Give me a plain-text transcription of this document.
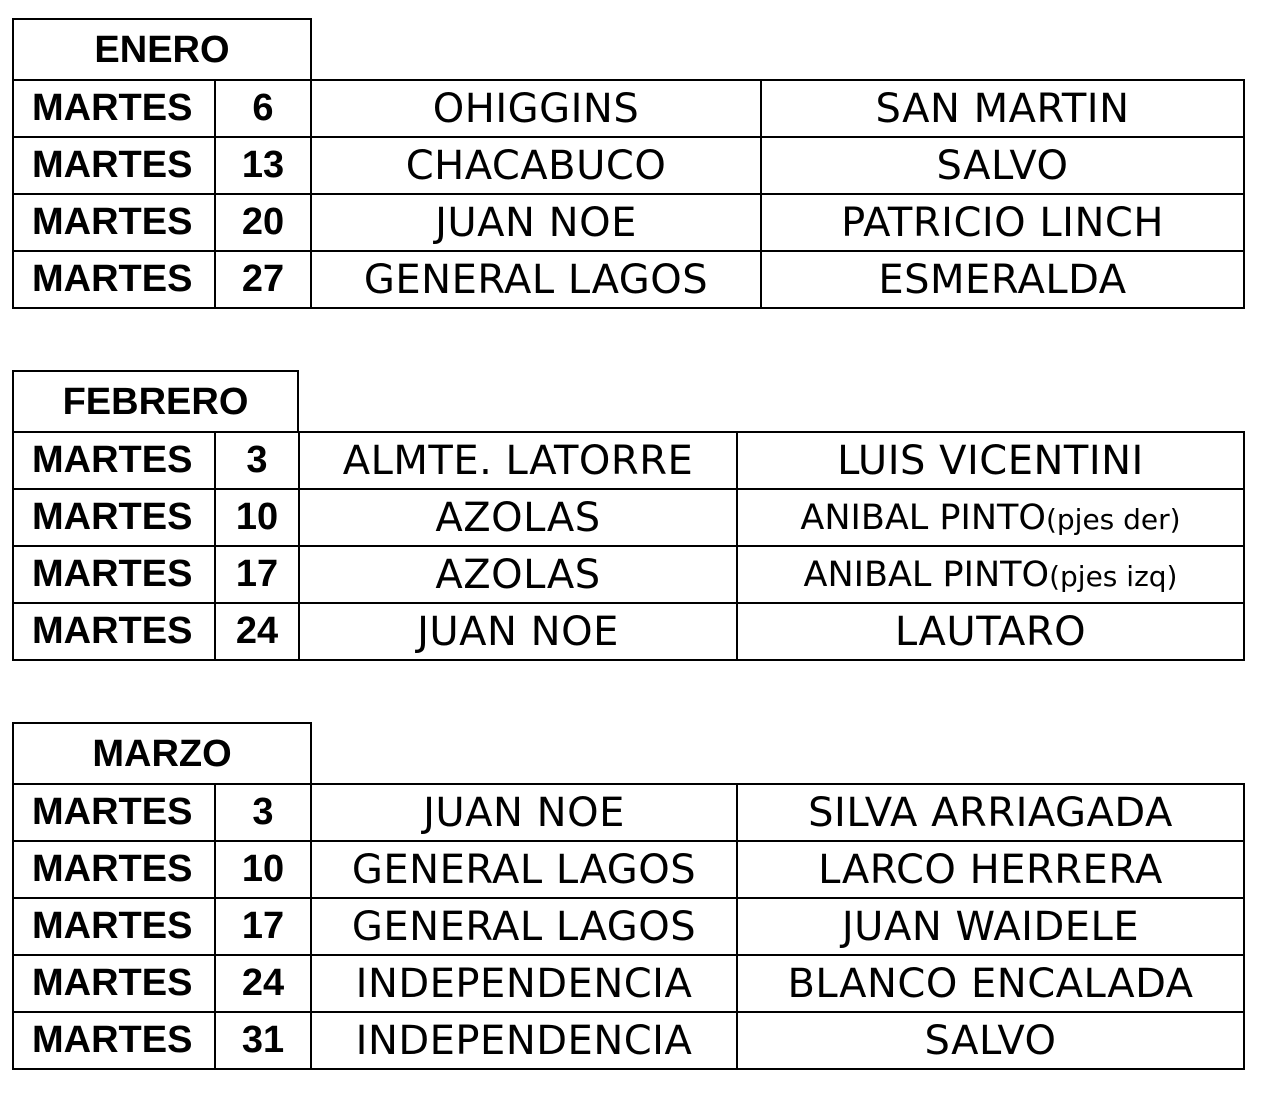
ENERO
MARTES	6	OHIGGINS	SAN MARTIN
MARTES	13	CHACABUCO	SALVO
MARTES	20	JUAN NOE	PATRICIO LINCH
MARTES	27	GENERAL LAGOS	ESMERALDA
FEBRERO
MARTES	3	ALMTE. LATORRE	LUIS VICENTINI
MARTES	10	AZOLAS	ANIBAL PINTO(pjes der)
MARTES	17	AZOLAS	ANIBAL PINTO(pjes izq)
MARTES	24	JUAN NOE	LAUTARO
MARZO
MARTES	3	JUAN NOE	SILVA ARRIAGADA
MARTES	10	GENERAL LAGOS	LARCO HERRERA
MARTES	17	GENERAL LAGOS	JUAN WAIDELE
MARTES	24	INDEPENDENCIA	BLANCO ENCALADA
MARTES	31	INDEPENDENCIA	SALVO
